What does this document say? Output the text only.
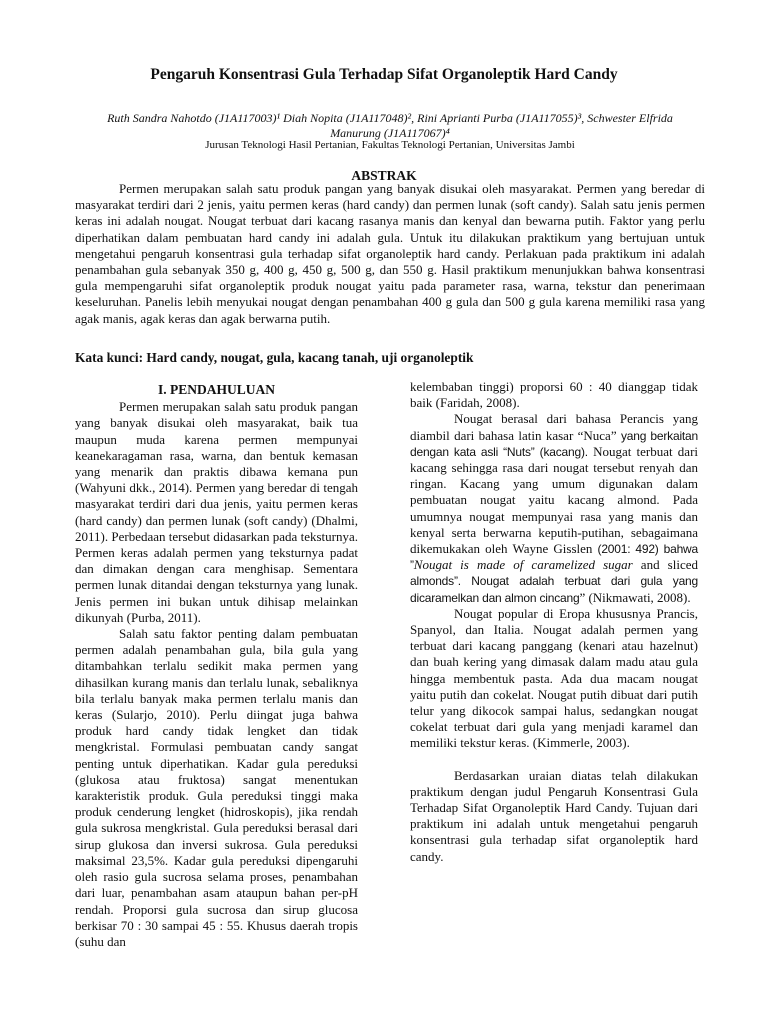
Pengaruh Konsentrasi Gula Terhadap Sifat Organoleptik Hard Candy
Ruth Sandra Nahotdo (J1A117003)¹ Diah Nopita (J1A117048)², Rini Aprianti Purba (J1A117055)³, Schwester Elfrida
Manurung (J1A117067)⁴
Jurusan Teknologi Hasil Pertanian, Fakultas Teknologi Pertanian, Universitas Jambi
ABSTRAK

Permen merupakan salah satu produk pangan yang banyak disukai oleh masyarakat. Permen yang beredar di masyarakat terdiri dari 2 jenis, yaitu permen keras (hard candy) dan permen lunak (soft candy). Salah satu jenis permen keras ini adalah nougat. Nougat terbuat dari kacang rasanya manis dan kenyal dan bewarna putih. Faktor yang perlu diperhatikan dalam pembuatan hard candy ini adalah gula. Untuk itu dilakukan praktikum yang bertujuan untuk mengetahui pengaruh konsentrasi gula terhadap sifat organoleptik hard candy. Perlakuan pada praktikum ini adalah penambahan gula sebanyak 350 g, 400 g, 450 g, 500 g, dan 550 g. Hasil praktikum menunjukkan bahwa konsentrasi gula mempengaruhi sifat organoleptik produk nougat yaitu pada parameter rasa, warna, tekstur dan penerimaan keseluruhan. Panelis lebih menyukai nougat dengan penambahan 400 g gula dan 500 g gula karena memiliki rasa yang agak manis, agak keras dan agak berwarna putih.

Kata kunci: Hard candy, nougat, gula, kacang tanah, uji organoleptik

I. PENDAHULUAN

Permen merupakan salah satu produk pangan yang banyak disukai oleh masyarakat, baik tua maupun muda karena permen mempunyai keanekaragaman rasa, warna, dan bentuk kemasan yang menarik dan praktis dibawa kemana pun (Wahyuni dkk., 2014). Permen yang beredar di tengah masyarakat terdiri dari dua jenis, yaitu permen keras (hard candy) dan permen lunak (soft candy) (Dhalmi, 2011). Perbedaan tersebut didasarkan pada teksturnya. Permen keras adalah permen yang teksturnya padat dan dimakan dengan cara menghisap. Sementara permen lunak ditandai dengan teksturnya yang lunak. Jenis permen ini bukan untuk dihisap melainkan dikunyah (Purba, 2011).

Salah satu faktor penting dalam pembuatan permen adalah penambahan gula, bila gula yang ditambahkan terlalu sedikit maka permen yang dihasilkan kurang manis dan terlalu lunak, sebaliknya bila terlalu banyak maka permen terlalu manis dan keras (Sularjo, 2010). Perlu diingat juga bahwa produk hard candy tidak lengket dan tidak mengkristal. Formulasi pembuatan candy sangat penting untuk diperhatikan. Kadar gula pereduksi (glukosa atau fruktosa) sangat menentukan karakteristik produk. Gula pereduksi tinggi maka produk cenderung lengket (hidroskopis), jika rendah gula sukrosa mengkristal. Gula pereduksi berasal dari sirup glukosa dan inversi sukrosa. Gula pereduksi maksimal 23,5%. Kadar gula pereduksi dipengaruhi oleh rasio gula sucrosa selama proses, penambahan dari luar, penambahan asam ataupun bahan per-pH rendah. Proporsi gula sucrosa dan sirup glucosa berkisar 70 : 30 sampai 45 : 55. Khusus daerah tropis (suhu dan

kelembaban tinggi) proporsi 60 : 40 dianggap tidak baik (Faridah, 2008).

Nougat berasal dari bahasa Perancis yang diambil dari bahasa latin kasar “Nuca” yang berkaitan dengan kata asli “Nuts” (kacang). Nougat terbuat dari kacang sehingga rasa dari nougat tersebut renyah dan ringan. Kacang yang umum digunakan dalam pembuatan nougat yaitu kacang almond. Pada umumnya nougat mempunyai rasa yang manis dan kenyal serta berwarna keputih-putihan, sebagaimana dikemukakan oleh Wayne Gisslen (2001: 492) bahwa ”Nougat is made of caramelized sugar and sliced almonds”. Nougat adalah terbuat dari gula yang dicaramelkan dan almon cincang” (Nikmawati, 2008).

Nougat popular di Eropa khususnya Prancis, Spanyol, dan Italia. Nougat adalah permen yang terbuat dari kacang panggang (kenari atau hazelnut) dan buah kering yang dimasak dalam madu atau gula hingga membentuk pasta. Ada dua macam nougat yaitu putih dan cokelat. Nougat putih dibuat dari putih telur yang dikocok sampai halus, sedangkan nougat cokelat terbuat dari gula yang menjadi karamel dan memiliki tekstur keras. (Kimmerle, 2003).

Berdasarkan uraian diatas telah dilakukan praktikum dengan judul Pengaruh Konsentrasi Gula Terhadap Sifat Organoleptik Hard Candy. Tujuan dari praktikum ini adalah untuk mengetahui pengaruh konsentrasi gula terhadap sifat organoleptik hard candy.
